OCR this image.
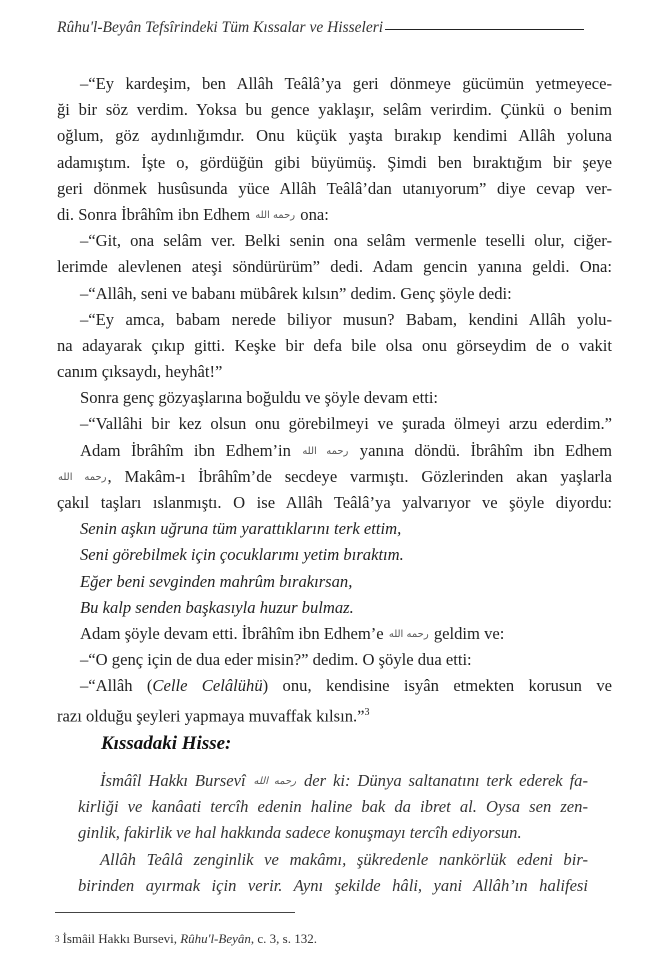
Rûhu'l-Beyân Tefsîrindeki Tüm Kıssalar ve Hisseleri
–“Ey kardeşim, ben Allâh Teâlâ’ya geri dönmeye gücümün yetmeyece-
ği bir söz verdim. Yoksa bu gence yaklaşır, selâm verirdim. Çünkü o benim
oğlum, göz aydınlığımdır. Onu küçük yaşta bırakıp kendimi Allâh yoluna
adamıştım. İşte o, gördüğün gibi büyümüş. Şimdi ben bıraktığım bir şeye
geri dönmek husûsunda yüce Allâh Teâlâ’dan utanıyorum” diye cevap ver-
di. Sonra İbrâhîm ibn Edhem رحمه الله ona:
–“Git, ona selâm ver. Belki senin ona selâm vermenle teselli olur, ciğer-
lerimde alevlenen ateşi söndürürüm” dedi. Adam gencin yanına geldi. Ona:
–“Allâh, seni ve babanı mübârek kılsın” dedim. Genç şöyle dedi:
–“Ey amca, babam nerede biliyor musun? Babam, kendini Allâh yolu-
na adayarak çıkıp gitti. Keşke bir defa bile olsa onu görseydim de o vakit
canım çıksaydı, heyhât!”
Sonra genç gözyaşlarına boğuldu ve şöyle devam etti:
–“Vallâhi bir kez olsun onu görebilmeyi ve şurada ölmeyi arzu ederdim.”
Adam İbrâhîm ibn Edhem’in رحمه الله yanına döndü. İbrâhîm ibn Edhem
رحمه الله, Makâm-ı İbrâhîm’de secdeye varmıştı. Gözlerinden akan yaşlarla
çakıl taşları ıslanmıştı. O ise Allâh Teâlâ’ya yalvarıyor ve şöyle diyordu:
Senin aşkın uğruna tüm yarattıklarını terk ettim,
Seni görebilmek için çocuklarımı yetim bıraktım.
Eğer beni sevginden mahrûm bırakırsan,
Bu kalp senden başkasıyla huzur bulmaz.
Adam şöyle devam etti. İbrâhîm ibn Edhem’e رحمه الله geldim ve:
–“O genç için de dua eder misin?” dedim. O şöyle dua etti:
–“Allâh (Celle Celâlühü) onu, kendisine isyân etmekten korusun ve
razı olduğu şeyleri yapmaya muvaffak kılsın.”$^3$
Kıssadaki Hisse:
İsmâîl Hakkı Bursevî رحمه الله der ki: Dünya saltanatını terk ederek fa-
kirliği ve kanâati tercîh edenin haline bak da ibret al. Oysa sen zen-
ginlik, fakirlik ve hal hakkında sadece konuşmayı tercîh ediyorsun.
Allâh Teâlâ zenginlik ve makâmı, şükredenle nankörlük edeni bir-
birinden ayırmak için verir. Aynı şekilde hâli, yani Allâh’ın halifesi
3 İsmâil Hakkı Bursevi, Rûhu'l-Beyân, c. 3, s. 132.
